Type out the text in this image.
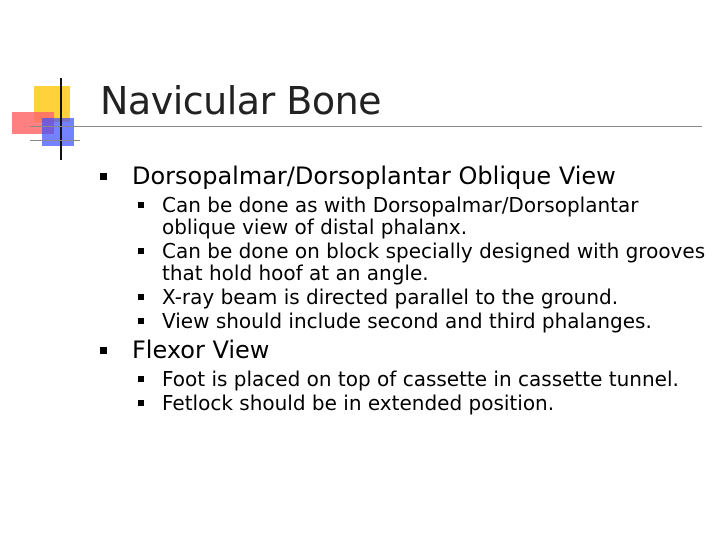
Navicular Bone
Dorsopalmar/Dorsoplantar Oblique View
Can be done as with Dorsopalmar/Dorsoplantar oblique view of distal phalanx.
Can be done on block specially designed with grooves that hold hoof at an angle.
X-ray beam is directed parallel to the ground.
View should include second and third phalanges.
Flexor View
Foot is placed on top of cassette in cassette tunnel.
Fetlock should be in extended position.
